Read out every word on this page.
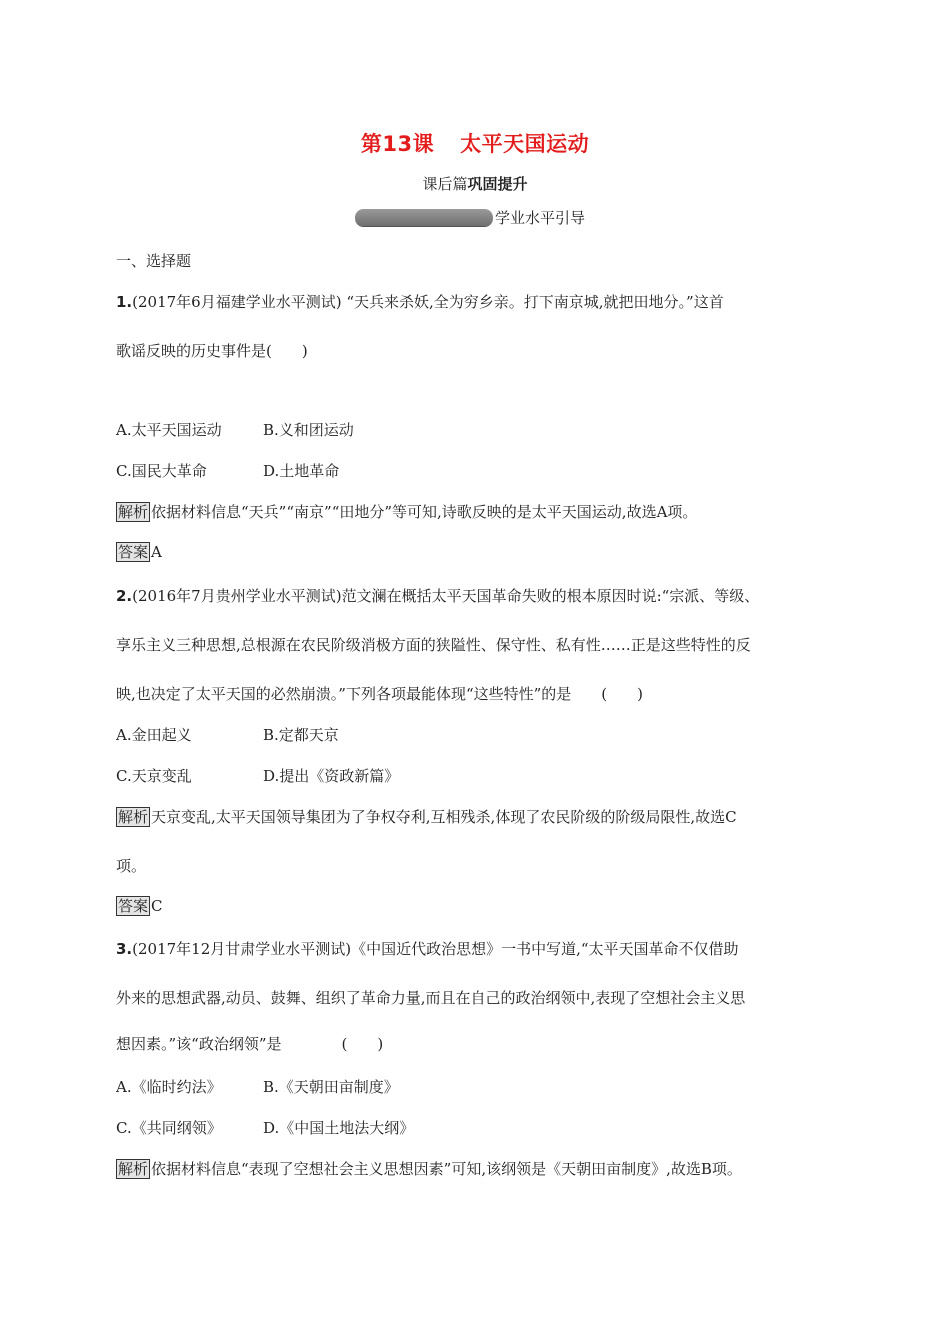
第13课 太平天国运动
课后篇巩固提升
学业水平引导
一、选择题
1.(2017年6月福建学业水平测试) “天兵来杀妖,全为穷乡亲。打下南京城,就把田地分。”这首
歌谣反映的历史事件是(　　)
A.太平天国运动	B.义和团运动
C.国民大革命	D.土地革命
解析 依据材料信息“天兵”“南京”“田地分”等可知,诗歌反映的是太平天国运动,故选A项。
答案 A
2.(2016年7月贵州学业水平测试)范文澜在概括太平天国革命失败的根本原因时说:“宗派、等级、
享乐主义三种思想,总根源在农民阶级消极方面的狭隘性、保守性、私有性……正是这些特性的反
映,也决定了太平天国的必然崩溃。”下列各项最能体现“这些特性”的是　　(　　)
A.金田起义	B.定都天京
C.天京变乱	D.提出《资政新篇》
解析 天京变乱,太平天国领导集团为了争权夺利,互相残杀,体现了农民阶级的阶级局限性,故选C
项。
答案 C
3.(2017年12月甘肃学业水平测试)《中国近代政治思想》一书中写道,“太平天国革命不仅借助
外来的思想武器,动员、鼓舞、组织了革命力量,而且在自己的政治纲领中,表现了空想社会主义思
想因素。”该“政治纲领”是　　　　(　　)
A.《临时约法》	B.《天朝田亩制度》
C.《共同纲领》	D.《中国土地法大纲》
解析 依据材料信息“表现了空想社会主义思想因素”可知,该纲领是《天朝田亩制度》,故选B项。
